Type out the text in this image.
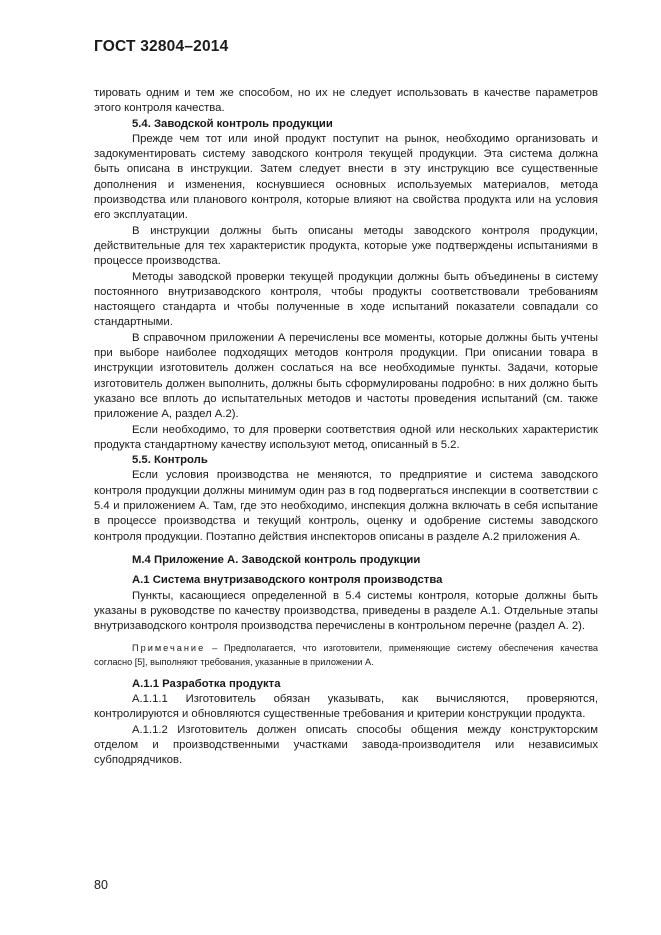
ГОСТ 32804–2014

тировать одним и тем же способом, но их не следует использовать в качестве параметров этого контроля качества.

5.4. Заводской контроль продукции

Прежде чем тот или иной продукт поступит на рынок, необходимо организовать и задокументировать систему заводского контроля текущей продукции. Эта система должна быть описана в инструкции. Затем следует внести в эту инструкцию все существенные дополнения и изменения, коснувшиеся основных используемых материалов, метода производства или планового контроля, которые влияют на свойства продукта или на условия его эксплуатации.

В инструкции должны быть описаны методы заводского контроля продукции, действительные для тех характеристик продукта, которые уже подтверждены испытаниями в процессе производства.

Методы заводской проверки текущей продукции должны быть объединены в систему постоянного внутризаводского контроля, чтобы продукты соответствовали требованиям настоящего стандарта и чтобы полученные в ходе испытаний показатели совпадали со стандартными.

В справочном приложении А перечислены все моменты, которые должны быть учтены при выборе наиболее подходящих методов контроля продукции. При описании товара в инструкции изготовитель должен сослаться на все необходимые пункты. Задачи, которые изготовитель должен выполнить, должны быть сформулированы подробно: в них должно быть указано все вплоть до испытательных методов и частоты проведения испытаний (см. также приложение А, раздел А.2).

Если необходимо, то для проверки соответствия одной или нескольких характеристик продукта стандартному качеству используют метод, описанный в 5.2.

5.5. Контроль

Если условия производства не меняются, то предприятие и система заводского контроля продукции должны минимум один раз в год подвергаться инспекции в соответствии с 5.4 и приложением А. Там, где это необходимо, инспекция должна включать в себя испытание в процессе производства и текущий контроль, оценку и одобрение системы заводского контроля продукции. Поэтапно действия инспекторов описаны в разделе А.2 приложения А.

М.4 Приложение А. Заводской контроль продукции

А.1 Система внутризаводского контроля производства

Пункты, касающиеся определенной в 5.4 системы контроля, которые должны быть указаны в руководстве по качеству производства, приведены в разделе А.1. Отдельные этапы внутризаводского контроля производства перечислены в контрольном перечне (раздел А. 2).

Примечание – Предполагается, что изготовители, применяющие систему обеспечения качества согласно [5], выполняют требования, указанные в приложении А.

А.1.1 Разработка продукта

А.1.1.1 Изготовитель обязан указывать, как вычисляются, проверяются, контролируются и обновляются существенные требования и критерии конструкции продукта.

А.1.1.2 Изготовитель должен описать способы общения между конструкторским отделом и производственными участками завода-производителя или независимых субподрядчиков.

80
